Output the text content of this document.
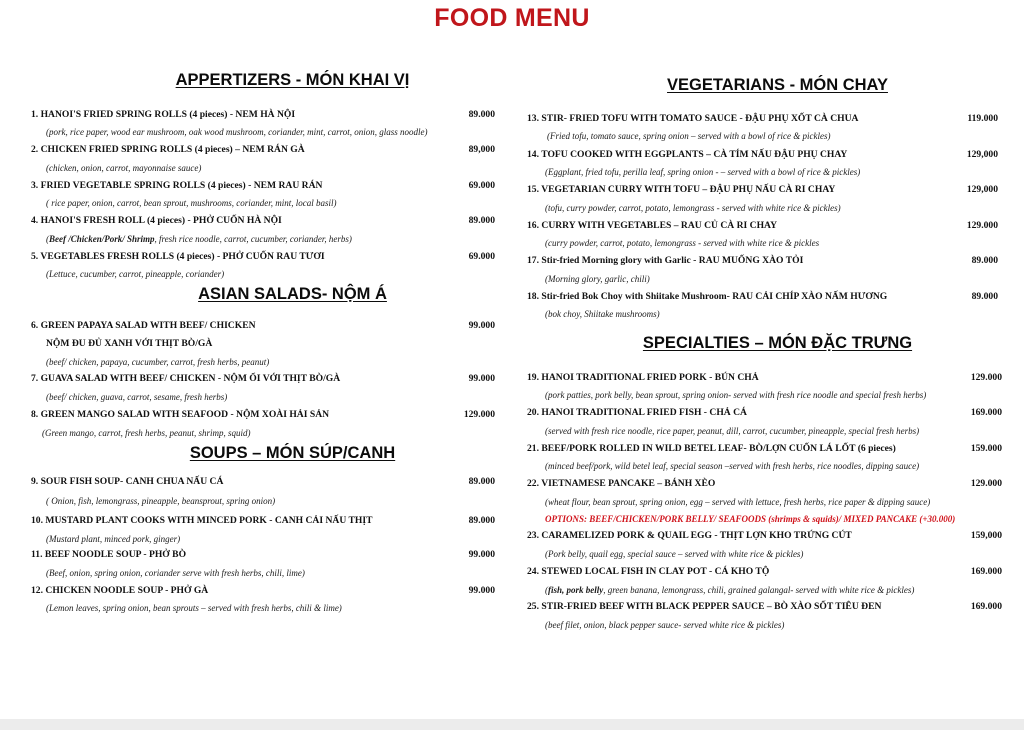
FOOD MENU
APPERTIZERS - MÓN KHAI VỊ
ASIAN SALADS- NỘM Á
SOUPS – MÓN SÚP/CANH
VEGETARIANS - MÓN CHAY
SPECIALTIES – MÓN ĐẶC TRƯNG
1. HANOI'S FRIED SPRING ROLLS (4 pieces) - NEM HÀ NỘI	89.000
(pork, rice paper, wood ear mushroom, oak wood mushroom, coriander, mint, carrot, onion, glass noodle)
2. CHICKEN FRIED SPRING ROLLS (4 pieces) – NEM RÁN GÀ	89,000
(chicken, onion, carrot, mayonnaise sauce)
3. FRIED VEGETABLE SPRING ROLLS (4 pieces) - NEM RAU RÁN	69.000
( rice paper, onion, carrot, bean sprout, mushrooms, coriander, mint, local basil)
4. HANOI'S FRESH ROLL (4 pieces) - PHỞ CUỐN HÀ NỘI	89.000
(Beef /Chicken/Pork/ Shrimp, fresh rice noodle, carrot, cucumber, coriander, herbs)
5. VEGETABLES FRESH ROLLS (4 pieces) - PHỞ CUỐN RAU TƯƠI	69.000
(Lettuce, cucumber, carrot, pineapple, coriander)
6. GREEN PAPAYA SALAD WITH BEEF/ CHICKEN
NỘM ĐU ĐỦ XANH VỚI THỊT BÒ/GÀ
99.000
(beef/ chicken, papaya, cucumber, carrot, fresh herbs, peanut)
7. GUAVA SALAD WITH BEEF/ CHICKEN - NỘM ỔI VỚI THỊT BÒ/GÀ	99.000
(beef/ chicken, guava, carrot, sesame, fresh herbs)
8. GREEN MANGO SALAD WITH SEAFOOD - NỘM XOÀI HẢI SẢN	129.000
(Green mango, carrot, fresh herbs, peanut, shrimp, squid)
9. SOUR FISH SOUP- CANH CHUA NẤU CÁ	89.000
( Onion, fish, lemongrass, pineapple, beansprout, spring onion)
10. MUSTARD PLANT COOKS WITH MINCED PORK - CANH CẢI NẤU THỊT	89.000
(Mustard plant, minced pork, ginger)
11. BEEF NOODLE SOUP - PHỞ BÒ	99.000
(Beef, onion, spring onion, coriander serve with fresh herbs, chili, lime)
12. CHICKEN NOODLE SOUP - PHỞ GÀ	99.000
(Lemon leaves, spring onion, bean sprouts – served with fresh herbs, chili & lime)
13. STIR- FRIED TOFU WITH TOMATO SAUCE - ĐẬU PHỤ XỐT CÀ CHUA	119.000
(Fried tofu, tomato sauce, spring onion – served with a bowl of rice & pickles)
14. TOFU COOKED WITH EGGPLANTS – CÀ TÍM NẤU ĐẬU PHỤ CHAY	129,000
(Eggplant, fried tofu, perilla leaf, spring onion - – served with a bowl of rice & pickles)
15. VEGETARIAN CURRY WITH TOFU – ĐẬU PHỤ NẤU CÀ RI CHAY	129,000
(tofu, curry powder, carrot, potato, lemongrass - served with white rice & pickles)
16. CURRY WITH VEGETABLES – RAU CỦ CÀ RI CHAY	129.000
(curry powder, carrot, potato, lemongrass - served with white rice & pickles
17. Stir-fried Morning glory with Garlic - RAU MUỐNG XÀO TỎI	89.000
(Morning glory, garlic, chili)
18. Stir-fried Bok Choy with Shiitake Mushroom- RAU CẢI CHÍP XÀO NẤM HƯƠNG	89.000
(bok choy, Shiitake mushrooms)
19. HANOI TRADITIONAL FRIED PORK - BÚN CHẢ	129.000
(pork patties, pork belly, bean sprout, spring onion- served with fresh rice noodle and special fresh herbs)
20. HANOI TRADITIONAL FRIED FISH - CHẢ CÁ	169.000
(served with fresh rice noodle, rice paper, peanut, dill, carrot, cucumber, pineapple, special fresh herbs)
21. BEEF/PORK ROLLED IN WILD BETEL LEAF- BÒ/LỢN CUỐN LÁ LỐT (6 pieces)	159.000
(minced beef/pork, wild betel leaf, special season –served with fresh herbs, rice noodles, dipping sauce)
22. VIETNAMESE PANCAKE – BÁNH XÈO	129.000
(wheat flour, bean sprout, spring onion, egg – served with lettuce, fresh herbs, rice paper & dipping sauce)
OPTIONS: BEEF/CHICKEN/PORK BELLY/ SEAFOODS (shrimps & squids)/ MIXED PANCAKE (+30.000)
23. CARAMELIZED PORK & QUAIL EGG - THỊT LỢN KHO TRỨNG CÚT	159,000
(Pork belly, quail egg, special sauce – served with white rice & pickles)
24. STEWED LOCAL FISH IN CLAY POT - CÁ KHO TỘ	169.000
(fish, pork belly, green banana, lemongrass, chili, grained galangal- served with white rice & pickles)
25. STIR-FRIED BEEF WITH BLACK PEPPER SAUCE – BÒ XÀO SỐT TIÊU ĐEN	169.000
(beef filet, onion, black pepper sauce- served white rice & pickles)
